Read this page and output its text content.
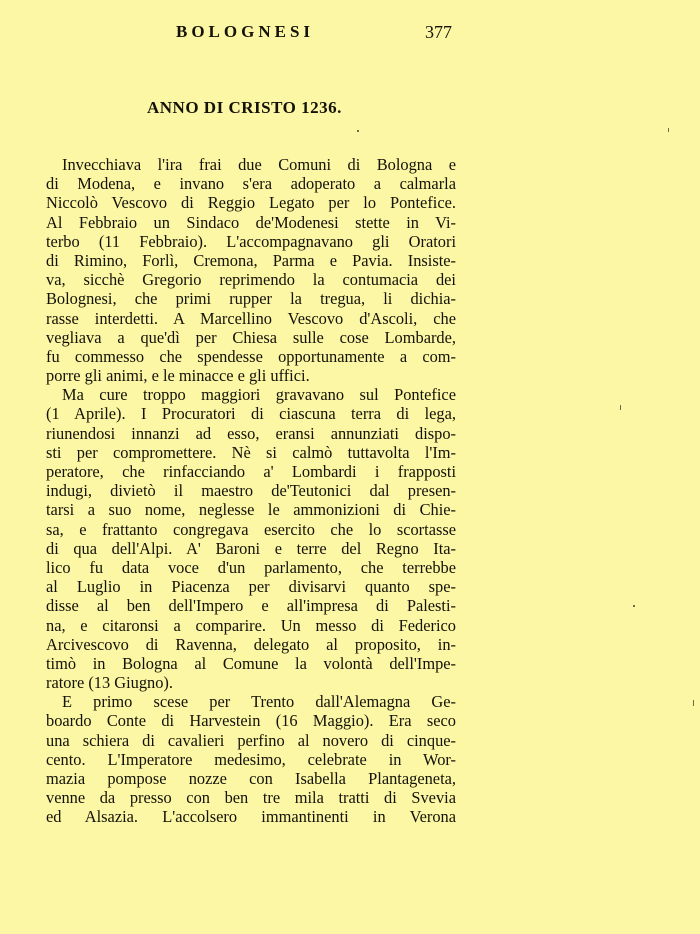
BOLOGNESI	377
ANNO DI CRISTO 1236.
Invecchiava l'ira frai due Comuni di Bologna e
di Modena, e invano s'era adoperato a calmarla
Niccolò Vescovo di Reggio Legato per lo Pontefice.
Al Febbraio un Sindaco de'Modenesi stette in Vi-
terbo (11 Febbraio). L'accompagnavano gli Oratori
di Rimino, Forlì, Cremona, Parma e Pavia. Insiste-
va, sicchè Gregorio reprimendo la contumacia dei
Bolognesi, che primi rupper la tregua, li dichia-
rasse interdetti. A Marcellino Vescovo d'Ascoli, che
vegliava a que'dì per Chiesa sulle cose Lombarde,
fu commesso che spendesse opportunamente a com-
porre gli animi, e le minacce e gli uffici.
Ma cure troppo maggiori gravavano sul Pontefice
(1 Aprile). I Procuratori di ciascuna terra di lega,
riunendosi innanzi ad esso, eransi annunziati dispo-
sti per compromettere. Nè si calmò tuttavolta l'Im-
peratore, che rinfacciando a' Lombardi i frapposti
indugi, divietò il maestro de'Teutonici dal presen-
tarsi a suo nome, neglesse le ammonizioni di Chie-
sa, e frattanto congregava esercito che lo scortasse
di qua dell'Alpi. A' Baroni e terre del Regno Ita-
lico fu data voce d'un parlamento, che terrebbe
al Luglio in Piacenza per divisarvi quanto spe-
disse al ben dell'Impero e all'impresa di Palesti-
na, e citaronsi a comparire. Un messo di Federico
Arcivescovo di Ravenna, delegato al proposito, in-
timò in Bologna al Comune la volontà dell'Impe-
ratore (13 Giugno).
E primo scese per Trento dall'Alemagna Ge-
boardo Conte di Harvestein (16 Maggio). Era seco
una schiera di cavalieri perfino al novero di cinque-
cento. L'Imperatore medesimo, celebrate in Wor-
mazia pompose nozze con Isabella Plantageneta,
venne da presso con ben tre mila tratti di Svevia
ed Alsazia. L'accolsero immantinenti in Verona
